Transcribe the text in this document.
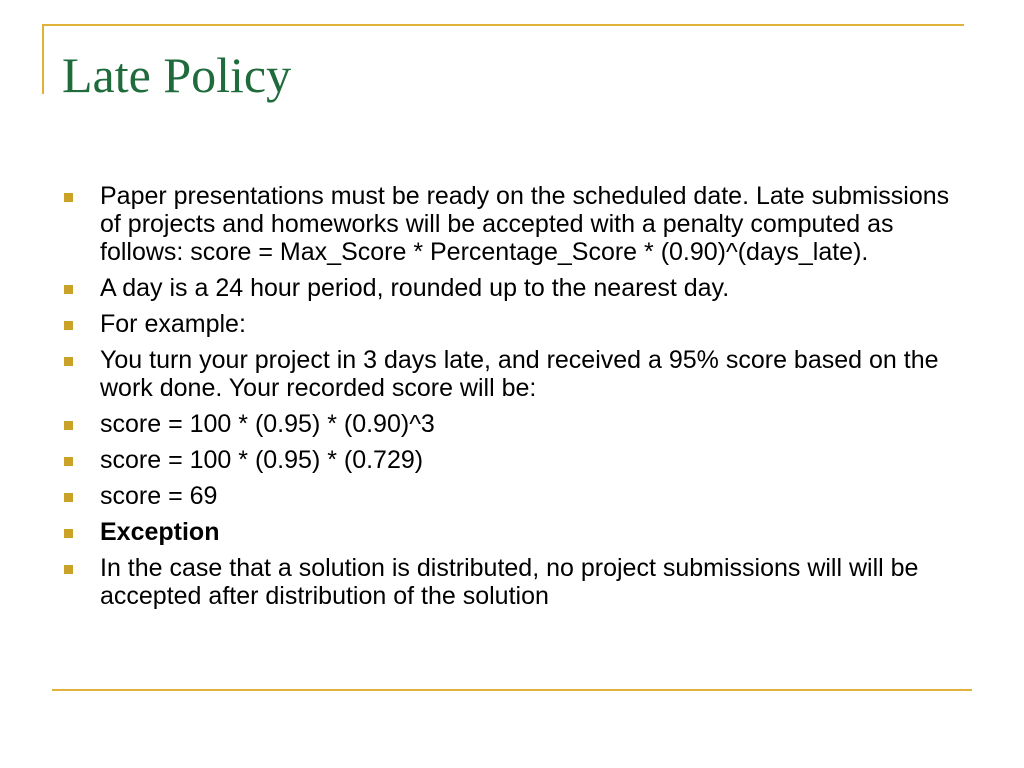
Late Policy
Paper presentations must be ready on the scheduled date. Late submissions of projects and homeworks will be accepted with a penalty computed as follows: score = Max_Score * Percentage_Score * (0.90)^(days_late).
A day is a 24 hour period, rounded up to the nearest day.
For example:
You turn your project in 3 days late, and received a 95% score based on the work done. Your recorded score will be:
score = 100 * (0.95) * (0.90)^3
score = 100 * (0.95) * (0.729)
score = 69
Exception
In the case that a solution is distributed, no project submissions will will be accepted after distribution of the solution
